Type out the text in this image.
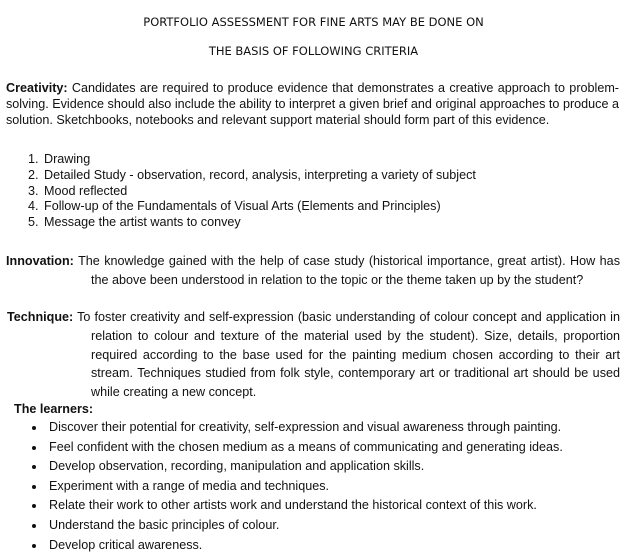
PORTFOLIO ASSESSMENT FOR FINE ARTS MAY BE DONE ON
THE BASIS OF FOLLOWING CRITERIA
Creativity: Candidates are required to produce evidence that demonstrates a creative approach to problem-solving. Evidence should also include the ability to interpret a given brief and original approaches to produce a solution. Sketchbooks, notebooks and relevant support material should form part of this evidence.
1. Drawing
2. Detailed Study - observation, record, analysis, interpreting a variety of subject
3. Mood reflected
4. Follow-up of the Fundamentals of Visual Arts (Elements and Principles)
5. Message the artist wants to convey
Innovation: The knowledge gained with the help of case study (historical importance, great artist). How has the above been understood in relation to the topic or the theme taken up by the student?
Technique: To foster creativity and self-expression (basic understanding of colour concept and application in relation to colour and texture of the material used by the student). Size, details, proportion required according to the base used for the painting medium chosen according to their art stream. Techniques studied from folk style, contemporary art or traditional art should be used while creating a new concept.
The learners:
• Discover their potential for creativity, self-expression and visual awareness through painting.
• Feel confident with the chosen medium as a means of communicating and generating ideas.
• Develop observation, recording, manipulation and application skills.
• Experiment with a range of media and techniques.
• Relate their work to other artists work and understand the historical context of this work.
• Understand the basic principles of colour.
• Develop critical awareness.
